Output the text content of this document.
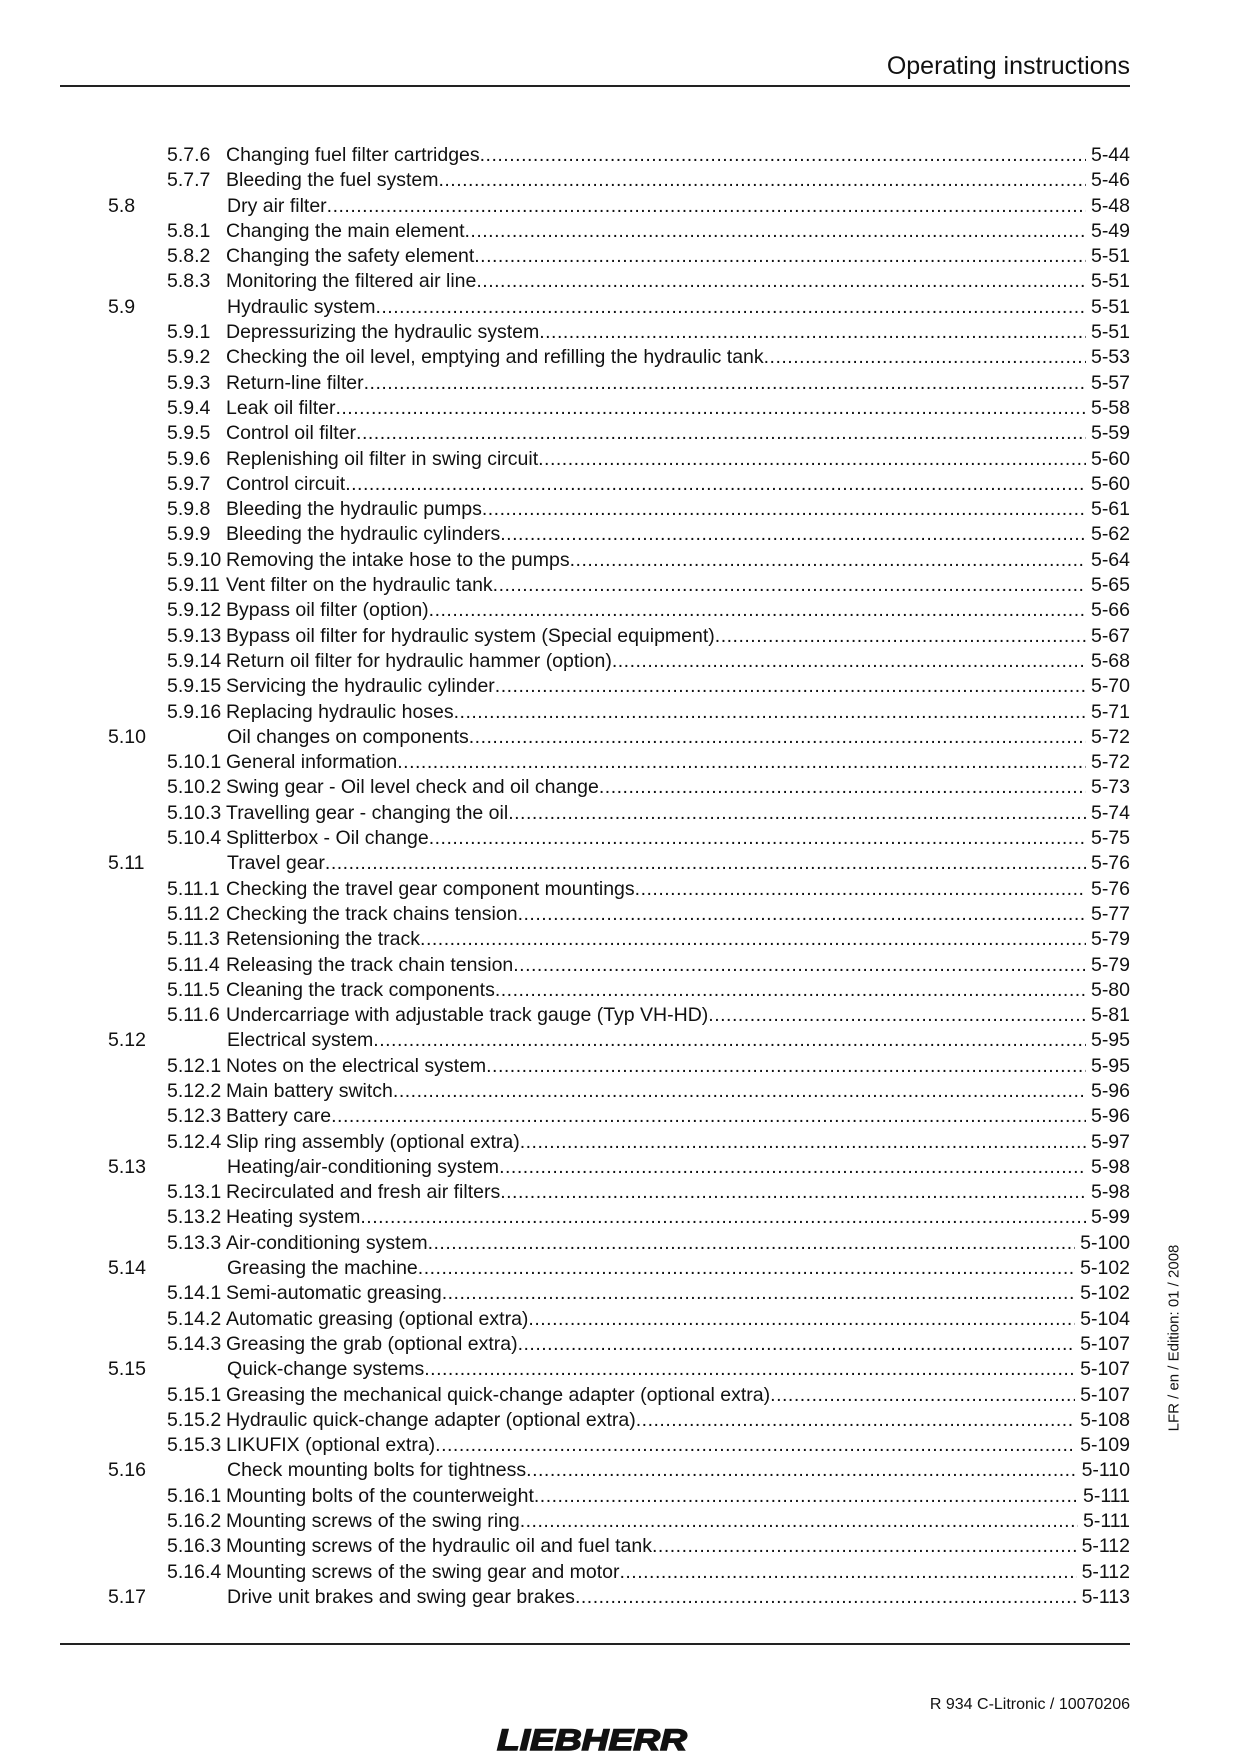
Operating instructions
5.7.6 Changing fuel filter cartridges .....	5-44
5.7.7 Bleeding the fuel system .....	5-46
5.8	Dry air filter .....	5-48
5.8.1 Changing the main element .....	5-49
5.8.2 Changing the safety element .....	5-51
5.8.3 Monitoring the filtered air line .....	5-51
5.9	Hydraulic system .....	5-51
5.9.1 Depressurizing the hydraulic system .....	5-51
5.9.2 Checking the oil level, emptying and refilling the hydraulic tank .....	5-53
5.9.3 Return-line filter .....	5-57
5.9.4 Leak oil filter .....	5-58
5.9.5 Control oil filter .....	5-59
5.9.6 Replenishing oil filter in swing circuit .....	5-60
5.9.7 Control circuit .....	5-60
5.9.8 Bleeding the hydraulic pumps .....	5-61
5.9.9 Bleeding the hydraulic cylinders .....	5-62
5.9.10 Removing the intake hose to the pumps .....	5-64
5.9.11 Vent filter on the hydraulic tank .....	5-65
5.9.12 Bypass oil filter (option) .....	5-66
5.9.13 Bypass oil filter for hydraulic system (Special equipment) .....	5-67
5.9.14 Return oil filter for hydraulic hammer (option) .....	5-68
5.9.15 Servicing the hydraulic cylinder .....	5-70
5.9.16 Replacing hydraulic hoses .....	5-71
5.10	Oil changes on components .....	5-72
5.10.1 General information .....	5-72
5.10.2 Swing gear - Oil level check and oil change .....	5-73
5.10.3 Travelling gear - changing the oil .....	5-74
5.10.4 Splitterbox - Oil change .....	5-75
5.11	Travel gear .....	5-76
5.11.1 Checking the travel gear component mountings .....	5-76
5.11.2 Checking the track chains tension .....	5-77
5.11.3 Retensioning the track .....	5-79
5.11.4 Releasing the track chain tension .....	5-79
5.11.5 Cleaning the track components .....	5-80
5.11.6 Undercarriage with adjustable track gauge (Typ VH-HD) .....	5-81
5.12	Electrical system .....	5-95
5.12.1 Notes on the electrical system .....	5-95
5.12.2 Main battery switch .....	5-96
5.12.3 Battery care .....	5-96
5.12.4 Slip ring assembly (optional extra) .....	5-97
5.13	Heating/air-conditioning system .....	5-98
5.13.1 Recirculated and fresh air filters .....	5-98
5.13.2 Heating system .....	5-99
5.13.3 Air-conditioning system .....	5-100
5.14	Greasing the machine .....	5-102
5.14.1 Semi-automatic greasing .....	5-102
5.14.2 Automatic greasing (optional extra) .....	5-104
5.14.3 Greasing the grab (optional extra) .....	5-107
5.15	Quick-change systems .....	5-107
5.15.1 Greasing the mechanical quick-change adapter (optional extra) .....	5-107
5.15.2 Hydraulic quick-change adapter (optional extra) .....	5-108
5.15.3 LIKUFIX (optional extra) .....	5-109
5.16	Check mounting bolts for tightness .....	5-110
5.16.1 Mounting bolts of the counterweight .....	5-111
5.16.2 Mounting screws of the swing ring .....	5-111
5.16.3 Mounting screws of the hydraulic oil and fuel tank .....	5-112
5.16.4 Mounting screws of the swing gear and motor .....	5-112
5.17	Drive unit brakes and swing gear brakes .....	5-113
LFR / en / Edition: 01 / 2008
R 934 C-Litronic / 10070206
LIEBHERR
